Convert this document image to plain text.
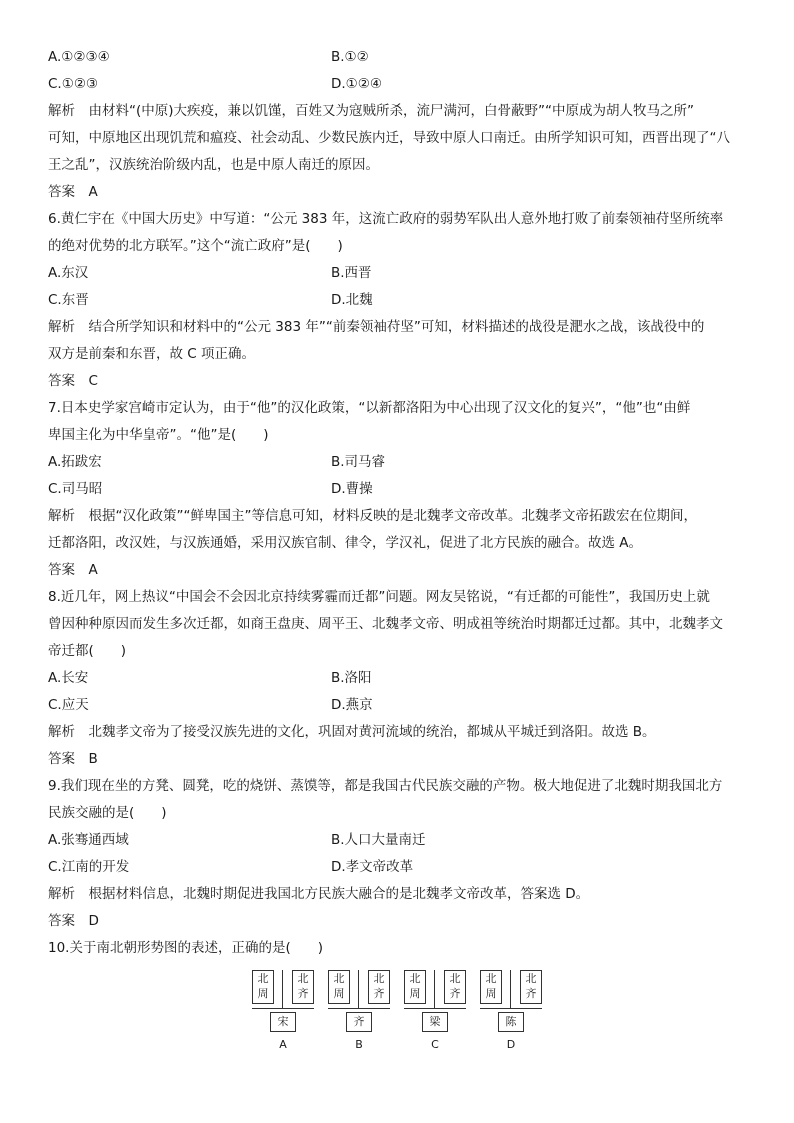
A.①②③④	B.①②
C.①②③	D.①②④
解析　由材料“(中原)大疾疫，兼以饥馑，百姓又为寇贼所杀，流尸满河，白骨蔽野”“中原成为胡人牧马之所”
可知，中原地区出现饥荒和瘟疫、社会动乱、少数民族内迁，导致中原人口南迁。由所学知识可知，西晋出现了“八
王之乱”，汉族统治阶级内乱，也是中原人南迁的原因。
答案　A
6.黄仁宇在《中国大历史》中写道：“公元 383 年，这流亡政府的弱势军队出人意外地打败了前秦领袖苻坚所统率
的绝对优势的北方联军。”这个“流亡政府”是(　　)
A.东汉	B.西晋
C.东晋	D.北魏
解析　结合所学知识和材料中的“公元 383 年”“前秦领袖苻坚”可知，材料描述的战役是淝水之战，该战役中的
双方是前秦和东晋，故 C 项正确。
答案　C
7.日本史学家宫崎市定认为，由于“他”的汉化政策，“以新都洛阳为中心出现了汉文化的复兴”，“他”也“由鲜
卑国主化为中华皇帝”。“他”是(　　)
A.拓跋宏	B.司马睿
C.司马昭	D.曹操
解析　根据“汉化政策”“鲜卑国主”等信息可知，材料反映的是北魏孝文帝改革。北魏孝文帝拓跋宏在位期间，
迁都洛阳，改汉姓，与汉族通婚，采用汉族官制、律令，学汉礼，促进了北方民族的融合。故选 A。
答案　A
8.近几年，网上热议“中国会不会因北京持续雾霾而迁都”问题。网友吴铭说，“有迁都的可能性”，我国历史上就
曾因种种原因而发生多次迁都，如商王盘庚、周平王、北魏孝文帝、明成祖等统治时期都迁过都。其中，北魏孝文
帝迁都(　　)
A.长安	B.洛阳
C.应天	D.燕京
解析　北魏孝文帝为了接受汉族先进的文化，巩固对黄河流域的统治，都城从平城迁到洛阳。故选 B。
答案　B
9.我们现在坐的方凳、圆凳，吃的烧饼、蒸馍等，都是我国古代民族交融的产物。极大地促进了北魏时期我国北方
民族交融的是(　　)
A.张骞通西域	B.人口大量南迁
C.江南的开发	D.孝文帝改革
解析　根据材料信息，北魏时期促进我国北方民族大融合的是北魏孝文帝改革，答案选 D。
答案　D
10.关于南北朝形势图的表述，正确的是(　　)
北周
北齐
宋
A
北周
北齐
齐
B
北周
北齐
梁
C
北周
北齐
陈
D
